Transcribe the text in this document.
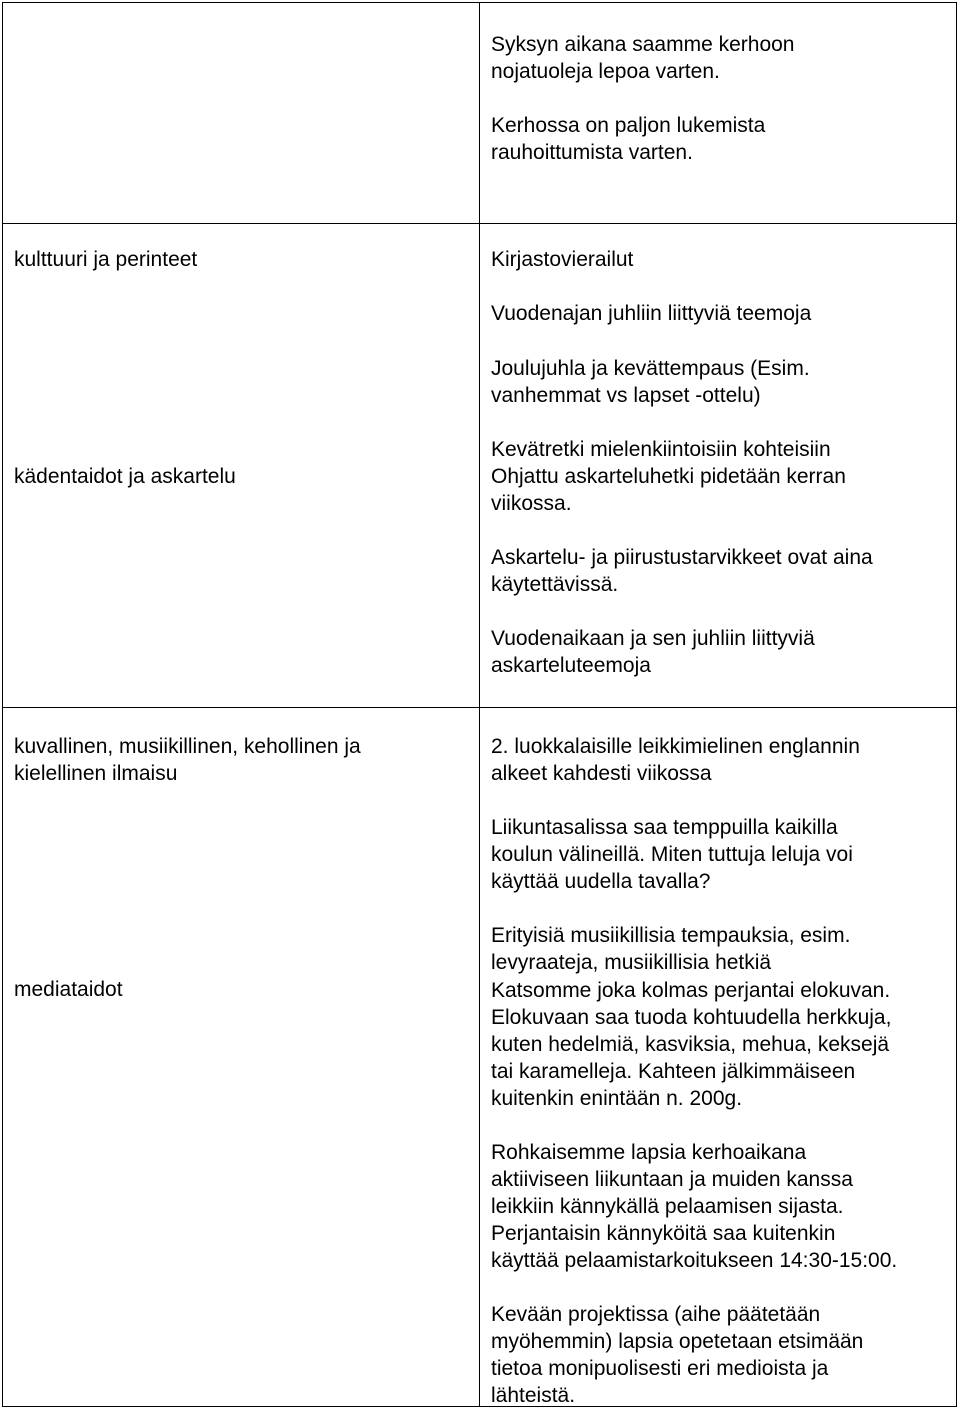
Syksyn aikana saamme kerhoon
nojatuoleja lepoa varten.
Kerhossa on paljon lukemista
rauhoittumista varten.
kulttuuri ja perinteet	Kirjastovierailut
Vuodenajan juhliin liittyviä teemoja
Joulujuhla ja kevättempaus (Esim.
vanhemmat vs lapset -ottelu)
kädentaidot ja askartelu
Kevätretki mielenkiintoisiin kohteisiin
Ohjattu askarteluhetki pidetään kerran
viikossa.
Askartelu- ja piirustustarvikkeet ovat aina
käytettävissä.
Vuodenaikaan ja sen juhliin liittyviä
askarteluteemoja
kuvallinen, musiikillinen, kehollinen ja
kielellinen ilmaisu
2. luokkalaisille leikkimielinen englannin
alkeet kahdesti viikossa
Liikuntasalissa saa temppuilla kaikilla
koulun välineillä. Miten tuttuja leluja voi
käyttää uudella tavalla?
Erityisiä musiikillisia tempauksia, esim.
levyraateja, musiikillisia hetkiä
mediataidot	Katsomme joka kolmas perjantai elokuvan.
Elokuvaan saa tuoda kohtuudella herkkuja,
kuten hedelmiä, kasviksia, mehua, keksejä
tai karamelleja. Kahteen jälkimmäiseen
kuitenkin enintään n. 200g.
Rohkaisemme lapsia kerhoaikana
aktiiviseen liikuntaan ja muiden kanssa
leikkiin kännykällä pelaamisen sijasta.
Perjantaisin kännyköitä saa kuitenkin
käyttää pelaamistarkoitukseen 14:30-15:00.
Kevään projektissa (aihe päätetään
myöhemmin) lapsia opetetaan etsimään
tietoa monipuolisesti eri medioista ja
lähteistä.
